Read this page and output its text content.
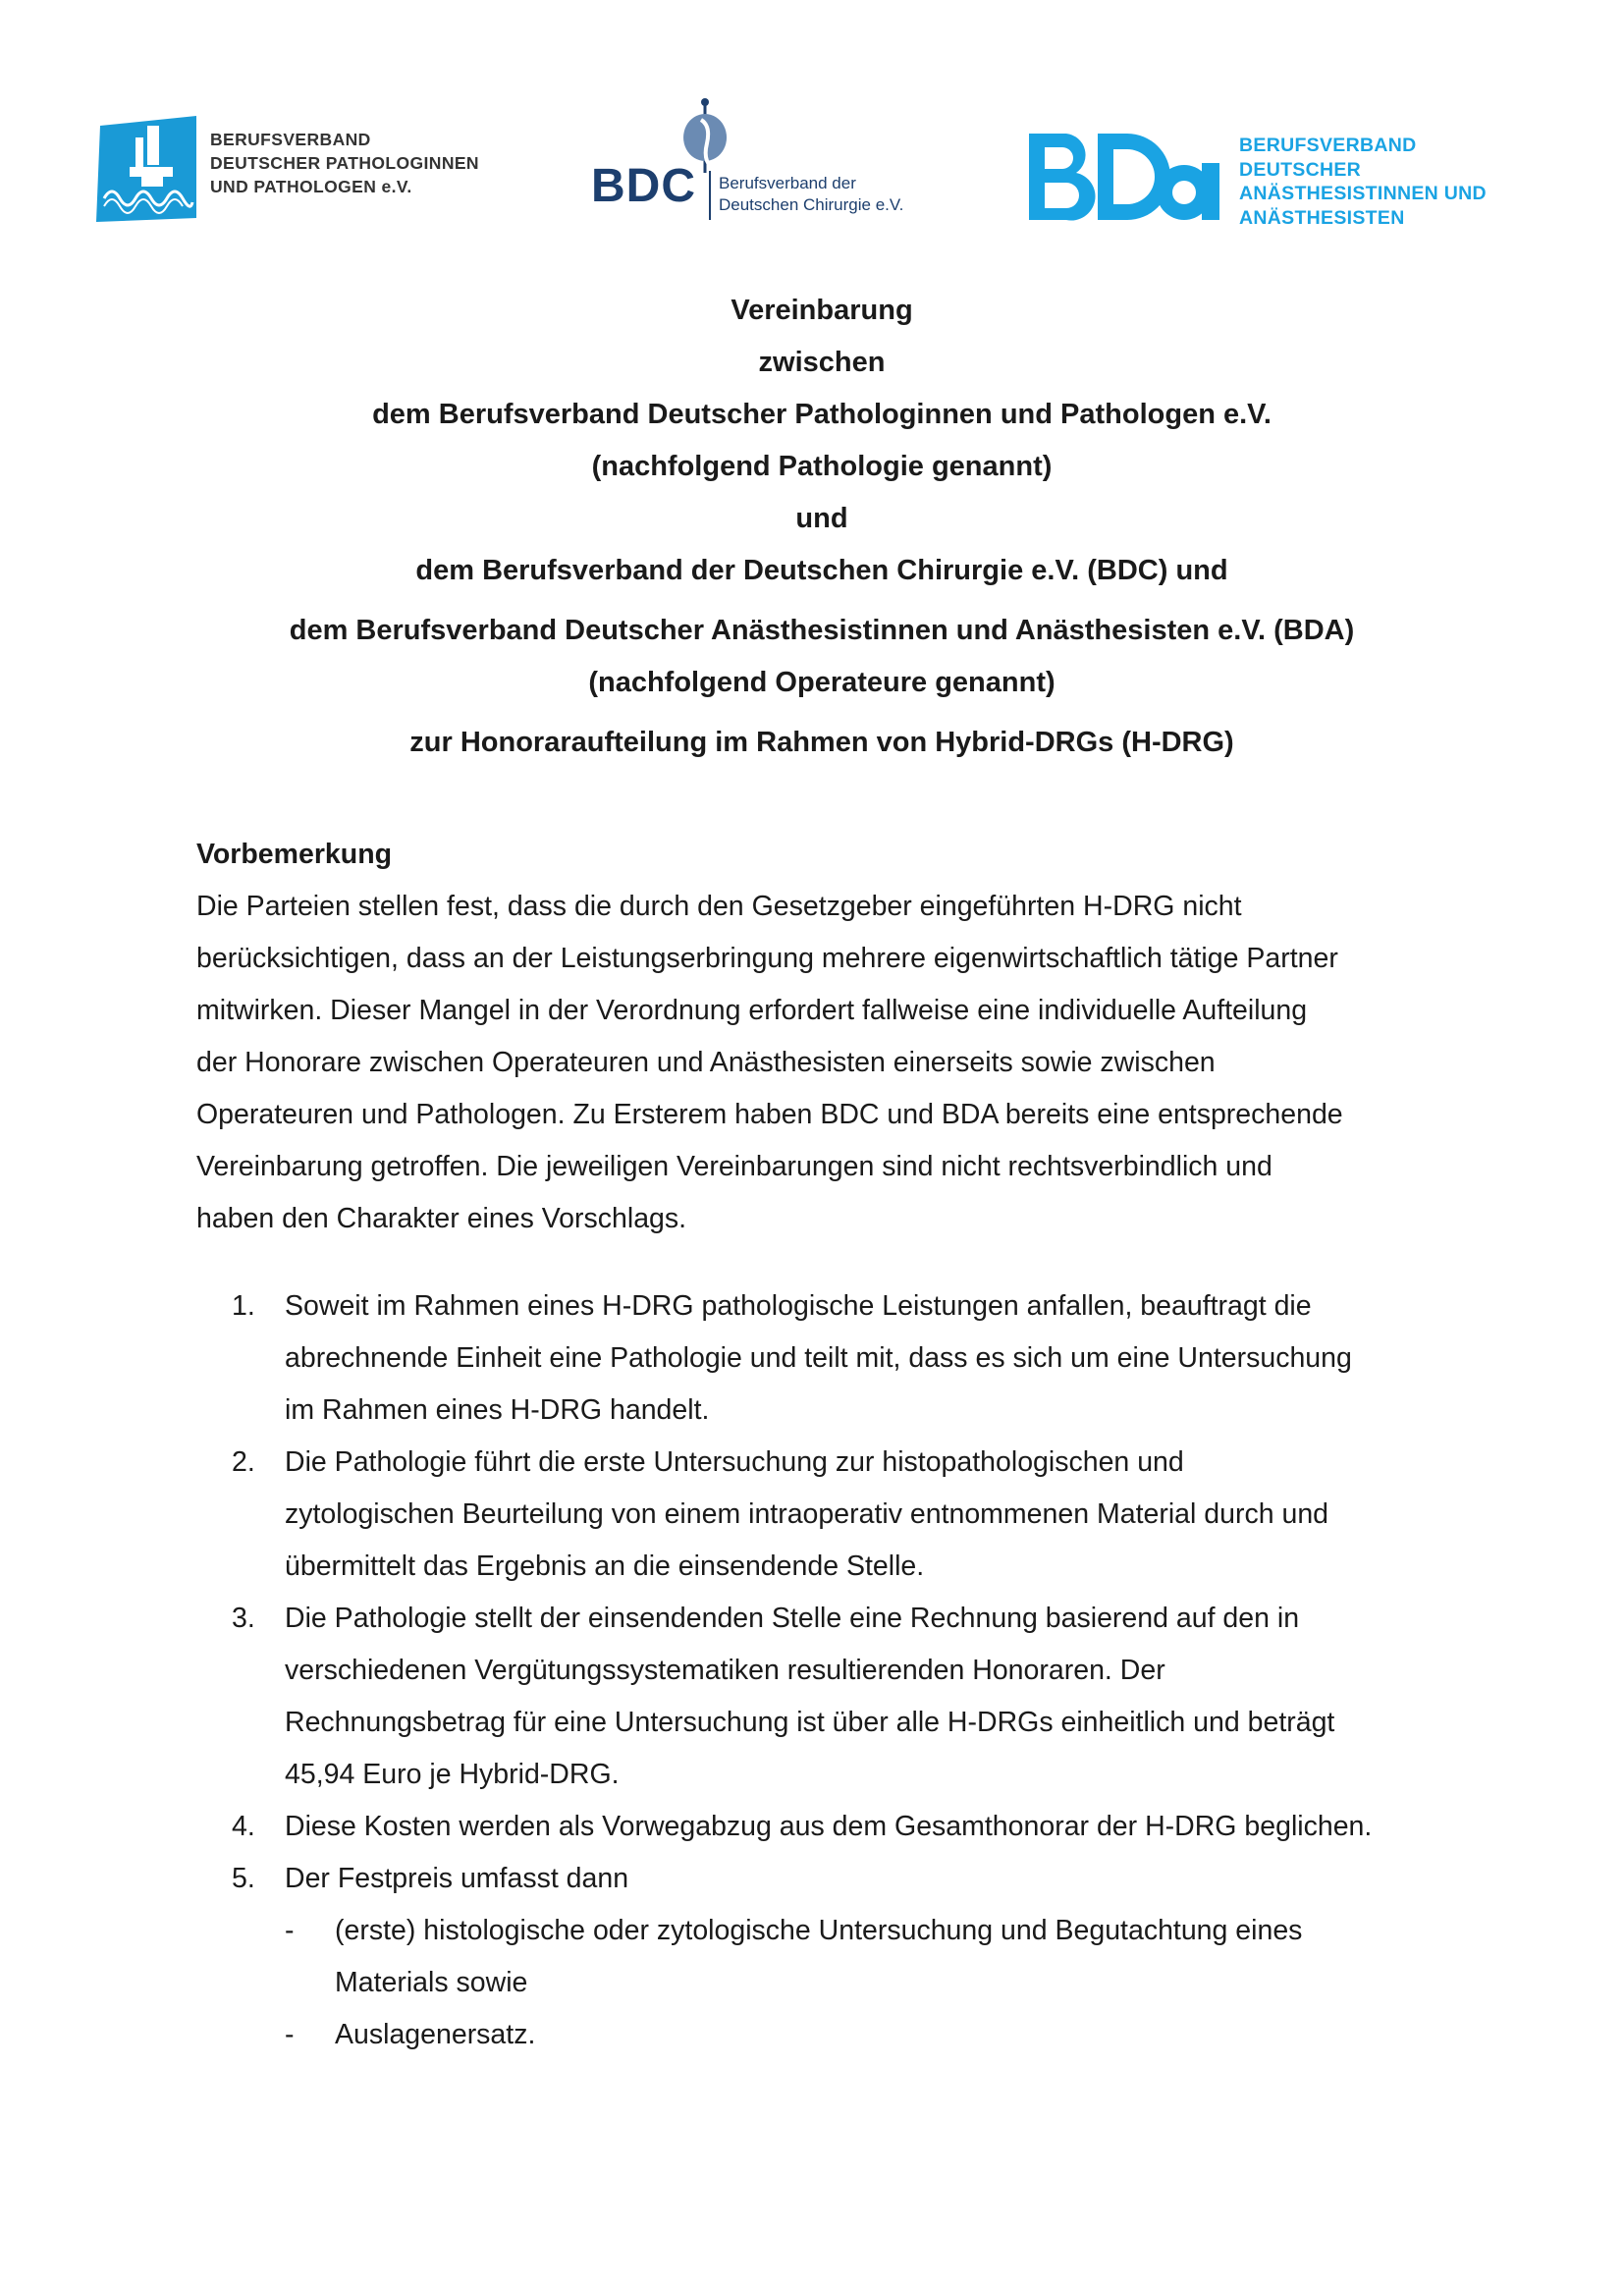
BERUFSVERBAND
DEUTSCHER PATHOLOGINNEN
UND PATHOLOGEN e.V.	BDC Berufsverband der
Deutschen Chirurgie e.V.
BERUFSVERBAND
DEUTSCHER
ANÄSTHESISTINNEN UND
ANÄSTHESISTEN
Vereinbarung
zwischen
dem Berufsverband Deutscher Pathologinnen und Pathologen e.V.
(nachfolgend Pathologie genannt)
und
dem Berufsverband der Deutschen Chirurgie e.V. (BDC) und
dem Berufsverband Deutscher Anästhesistinnen und Anästhesisten e.V. (BDA)
(nachfolgend Operateure genannt)
zur Honoraraufteilung im Rahmen von Hybrid-DRGs (H-DRG)
Vorbemerkung
Die Parteien stellen fest, dass die durch den Gesetzgeber eingeführten H-DRG nicht
berücksichtigen, dass an der Leistungserbringung mehrere eigenwirtschaftlich tätige Partner
mitwirken. Dieser Mangel in der Verordnung erfordert fallweise eine individuelle Aufteilung
der Honorare zwischen Operateuren und Anästhesisten einerseits sowie zwischen
Operateuren und Pathologen. Zu Ersterem haben BDC und BDA bereits eine entsprechende
Vereinbarung getroffen. Die jeweiligen Vereinbarungen sind nicht rechtsverbindlich und
haben den Charakter eines Vorschlags.
1. Soweit im Rahmen eines H-DRG pathologische Leistungen anfallen, beauftragt die
abrechnende Einheit eine Pathologie und teilt mit, dass es sich um eine Untersuchung
im Rahmen eines H-DRG handelt.
2. Die Pathologie führt die erste Untersuchung zur histopathologischen und
zytologischen Beurteilung von einem intraoperativ entnommenen Material durch und
übermittelt das Ergebnis an die einsendende Stelle.
3. Die Pathologie stellt der einsendenden Stelle eine Rechnung basierend auf den in
verschiedenen Vergütungssystematiken resultierenden Honoraren. Der
Rechnungsbetrag für eine Untersuchung ist über alle H-DRGs einheitlich und beträgt
45,94 Euro je Hybrid-DRG.
4. Diese Kosten werden als Vorwegabzug aus dem Gesamthonorar der H-DRG beglichen.
5. Der Festpreis umfasst dann
- (erste) histologische oder zytologische Untersuchung und Begutachtung eines
Materials sowie
- Auslagenersatz.
